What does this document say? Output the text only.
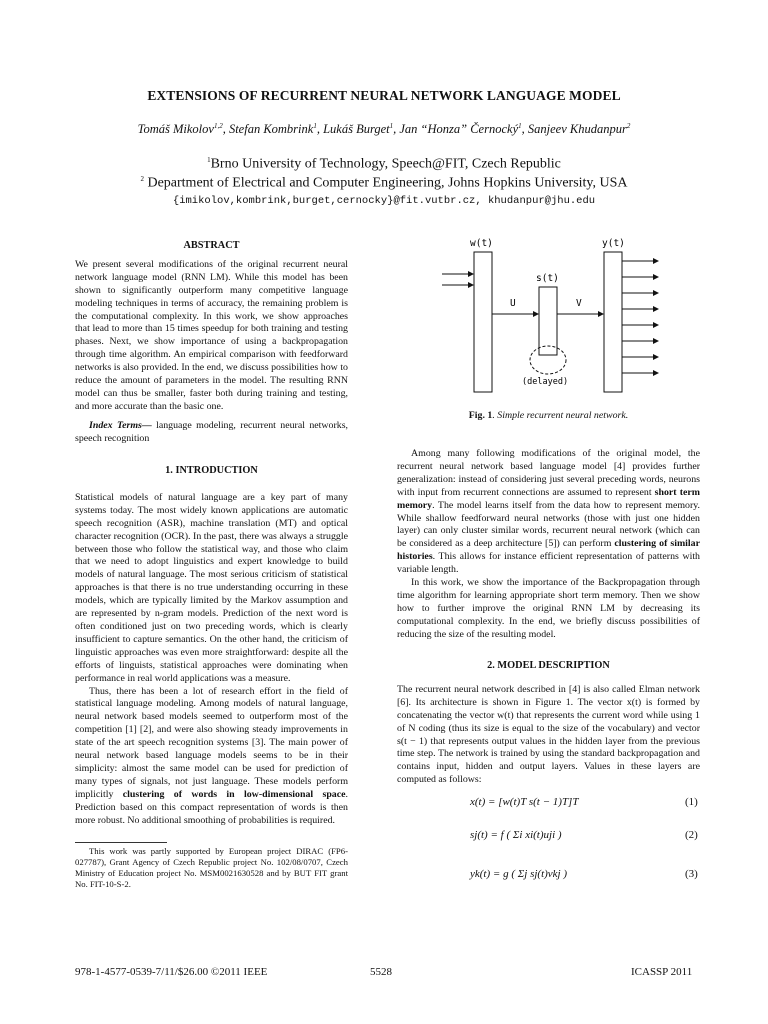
EXTENSIONS OF RECURRENT NEURAL NETWORK LANGUAGE MODEL
Tomáš Mikolov$^{1,2}$, Stefan Kombrink$^1$, Lukáš Burget$^1$, Jan “Honza” Černocký$^1$, Sanjeev Khudanpur$^2$
$^1$Brno University of Technology, Speech@FIT, Czech Republic
$^2$ Department of Electrical and Computer Engineering, Johns Hopkins University, USA
{imikolov,kombrink,burget,cernocky}@fit.vutbr.cz, khudanpur@jhu.edu
ABSTRACT
We present several modifications of the original recurrent neural network language model (RNN LM). While this model has been shown to significantly outperform many competitive language modeling techniques in terms of accuracy, the remaining problem is the computational complexity. In this work, we show approaches that lead to more than 15 times speedup for both training and testing phases. Next, we show importance of using a backpropagation through time algorithm. An empirical comparison with feedforward networks is also provided. In the end, we discuss possibilities how to reduce the amount of parameters in the model. The resulting RNN model can thus be smaller, faster both during training and testing, and more accurate than the basic one.
Index Terms— language modeling, recurrent neural networks, speech recognition
1. INTRODUCTION
Statistical models of natural language are a key part of many systems today. The most widely known applications are automatic speech recognition (ASR), machine translation (MT) and optical character recognition (OCR). In the past, there was always a struggle between those who follow the statistical way, and those who claim that we need to adopt linguistics and expert knowledge to build models of natural language. The most serious criticism of statistical approaches is that there is no true understanding occurring in these models, which are typically limited by the Markov assumption and are represented by n-gram models. Prediction of the next word is often conditioned just on two preceding words, which is clearly insufficient to capture semantics. On the other hand, the criticism of linguistic approaches was even more straightforward: despite all the efforts of linguists, statistical approaches were dominating when performance in real world applications was a measure.
Thus, there has been a lot of research effort in the field of statistical language modeling. Among models of natural language, neural network based models seemed to outperform most of the competition [1] [2], and were also showing steady improvements in state of the art speech recognition systems [3]. The main power of neural network based language models seems to be in their simplicity: almost the same model can be used for prediction of many types of signals, not just language. These models perform implicitly clustering of words in low-dimensional space. Prediction based on this compact representation of words is then more robust. No additional smoothing of probabilities is required.
This work was partly supported by European project DIRAC (FP6-027787), Grant Agency of Czech Republic project No. 102/08/0707, Czech Ministry of Education project No. MSM0021630528 and by BUT FIT grant No. FIT-10-S-2.
w(t)
s(t)
y(t)
U	V
(delayed)
Fig. 1. Simple recurrent neural network.
Among many following modifications of the original model, the recurrent neural network based language model [4] provides further generalization: instead of considering just several preceding words, neurons with input from recurrent connections are assumed to represent short term memory. The model learns itself from the data how to represent memory. While shallow feedforward neural networks (those with just one hidden layer) can only cluster similar words, recurrent neural network (which can be considered as a deep architecture [5]) can perform clustering of similar histories. This allows for instance efficient representation of patterns with variable length.
In this work, we show the importance of the Backpropagation through time algorithm for learning appropriate short term memory. Then we show how to further improve the original RNN LM by decreasing its computational complexity. In the end, we briefly discuss possibilities of reducing the size of the resulting model.
2. MODEL DESCRIPTION
The recurrent neural network described in [4] is also called Elman network [6]. Its architecture is shown in Figure 1. The vector x(t) is formed by concatenating the vector w(t) that represents the current word while using 1 of N coding (thus its size is equal to the size of the vocabulary) and vector s(t − 1) that represents output values in the hidden layer from the previous time step. The network is trained by using the standard backpropagation and contains input, hidden and output layers. Values in these layers are computed as follows:
x(t) = [w(t)T s(t − 1)T]T	(1)
sj(t) = f ( Σi xi(t)uji )	(2)
yk(t) = g ( Σj sj(t)vkj )	(3)
978-1-4577-0539-7/11/$26.00 ©2011 IEEE	5528	ICASSP 2011
